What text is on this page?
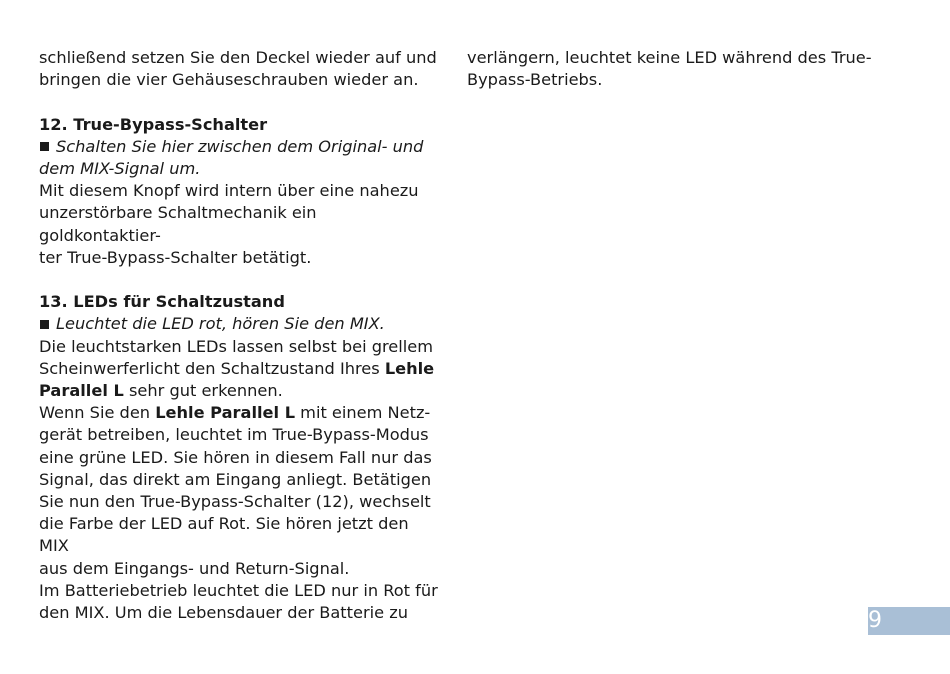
schließend setzen Sie den Deckel wieder auf und

bringen die vier Gehäuseschrauben wieder an.

12. True-Bypass-Schalter

Schalten Sie hier zwischen dem Original- und

dem MIX-Signal um.

Mit diesem Knopf wird intern über eine nahezu

unzerstörbare Schaltmechanik ein goldkontaktier-

ter True-Bypass-Schalter betätigt.

13. LEDs für Schaltzustand

Leuchtet die LED rot, hören Sie den MIX.

Die leuchtstarken LEDs lassen selbst bei grellem

Scheinwerferlicht den Schaltzustand Ihres Lehle

Parallel L sehr gut erkennen.

Wenn Sie den Lehle Parallel L mit einem Netz-

gerät betreiben, leuchtet im True-Bypass-Modus

eine grüne LED. Sie hören in diesem Fall nur das

Signal, das direkt am Eingang anliegt. Betätigen

Sie nun den True-Bypass-Schalter (12), wechselt

die Farbe der LED auf Rot. Sie hören jetzt den MIX

aus dem Eingangs- und Return-Signal.

Im Batteriebetrieb leuchtet die LED nur in Rot für

den MIX. Um die Lebensdauer der Batterie zu

verlängern, leuchtet keine LED während des True-

Bypass-Betriebs.

9
